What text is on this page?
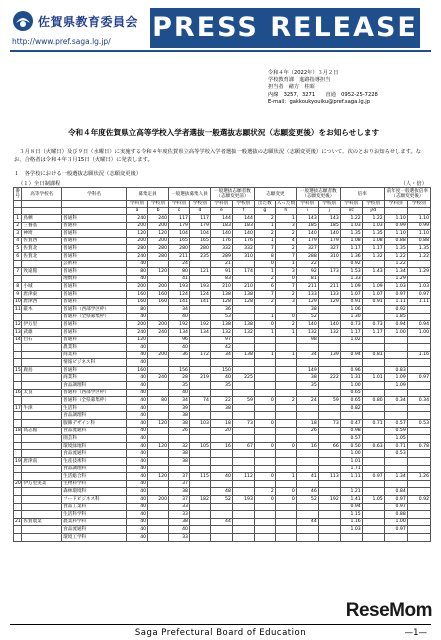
佐賀県教育委員会 PRESS RELEASE
http://www.pref.saga.lg.jp/
令和４年（2022年）３月２日
学校教育課　進路指導担当
担当者　緒方　柱昭
内線　3257，3271　　直通　0952-25-7228
E-mail：gakkoukyouiku@pref.saga.lg.jp
令和４年度佐賀県立高等学校入学者選抜一般選抜志願状況（志願変更後）をお知らせします
　３月８日（火曜日）及び９日（水曜日）に実施する令和４年度佐賀県立高等学校入学者選抜一般選抜の志願状況（志願変更後）について、次のとおりお知らせします。なお、合格者は令和４年３月15日（火曜日）に発表します。
１　各学校における一般選抜志願状況（志願変更後）
（１）全日制課程	（人・倍）
番号	高等学校名	学科名	募集定員		一般選抜募集人員		一般選抜志願者数（志願変更前）		志願変更		一般選抜志願者数（志願変更後）		倍率		前年度一般選抜倍率（志願変更後）	
			学科別	学校別	学科別	学校別	学科別	学校別	出た数	入った数	学科別	学校別	学科別	学校別	学科別	学校別
			a	b	c	d	e	f	g	h	i	j	i/c	j/d		
1	鳥栖	普通科	240	240	117	117	144	144	2	1	143	143	1.22	1.22	1.10	1.10
2	三養基	普通科	200	200	179	179	183	183	1	3	185	185	1.03	1.03	0.99	0.99
3	神埼	普通科	120	120	104	104	140	140	2	2	140	140	1.35	1.35	1.10	1.10
4	佐賀西	普通科	200	200	165	165	176	176	1	4	179	179	1.08	1.08	0.88	0.88
5	佐賀北	普通科	280	280	280	280	332	332	7	2	327	327	1.17	1.17	1.35	1.35
6	佐賀北	普通科	240	280	211	235	289	310	8	7	288	310	1.36	1.32	1.22	1.22
		芸術科	40		24		21		0	1	22		0.92		1.22	
7	致遠館	普通科	80	120	80	121	91	174	1	3	92	173	1.53	1.43	1.34	1.29
		理数科	40		41		83		2	0	81		1.33		1.29	
8	小城	普通科	200	200	193	193	210	210	6	7	211	211	1.09	1.09	1.03	1.03
9	唐津東	普通科	160	160	124	124	138	138	7	2	133	133	1.07	1.07	0.97	0.97
10	唐津西	普通科	160	160	141	141	128	128	2	3	129	129	0.91	0.91	1.11	1.11
11	厳木	普通科（西部学区枠）	80		34		36				38		1.06		0.92	
		普通科（全県募集枠）	40		40		53		1	0	52		1.30		1.85	
12	伊万里	普通科	200	200	192	192	138	138	0	2	140	140	0.73	0.73	0.94	0.94
13	武雄	普通科	240	240	134	134	132	132	1	1	132	132	1.17	1.17	1.00	1.00
14	白石	普通科	120		96		97				98		1.02			
		農業科	40		40		42									
		商業科	40	200	36	172	34	138	1	1	34	139	0.94	0.81		1.16
		情報ビジネス科	40													
15	鹿島	普通科	160		156		150				149		0.96		0.83	
		商業科	40	240	28	219	40	225			38	222	1.31	1.01	1.09	0.97
		食品調理科	40		35		35				35		1.00		1.09	
16	太良	普通科（西部学区枠）	40		40								0.65			
		普通科（全県募集枠）	40	80	34	74	22	59	0	2	24	59	0.65	0.80	0.34	0.34
17	牛津	生活科	40		39		38						0.82			
		食品調理科	40		38											
		服飾デザイン科	40	120	38	103	18	73	0		18	73	0.47	0.71	0.57	0.53
18	高志館	食品流通科	40		26		20				26		0.98		0.59	
		園芸科	40										0.57		1.05	
		環境緑地科	40	120	32	105	16	67	0	0	16	66	0.50	0.63	0.71	0.78
		食品流通科	40		38								1.00		0.53	
19	唐津南	生産技術科	40		38								1.01			
		食品調理科	40										1.71			
		生活総合科	40	120	37	115	40	112	0	1	41	113	1.11	0.97	1.34	1.26
20	伊万里実業	生物科学科	40		37											
		森林環境科	40		38		48		2	0	46		1.21		0.84	
		フードビジネス科	40	200	37	182	52	193	0	0	52	192	1.41	1.05	0.97	0.92
		食品工業科	40		33								0.94		0.97	
		生活科学科	40		33								1.15		0.88	
21	佐賀農業	農業科学科	40		38		44				44		1.16		1.00	
		食品流通科	40		40								1.03		0.97	
		環境工学科	40		33											
ReseMom
Saga Prefectural Board of Education	—1—
